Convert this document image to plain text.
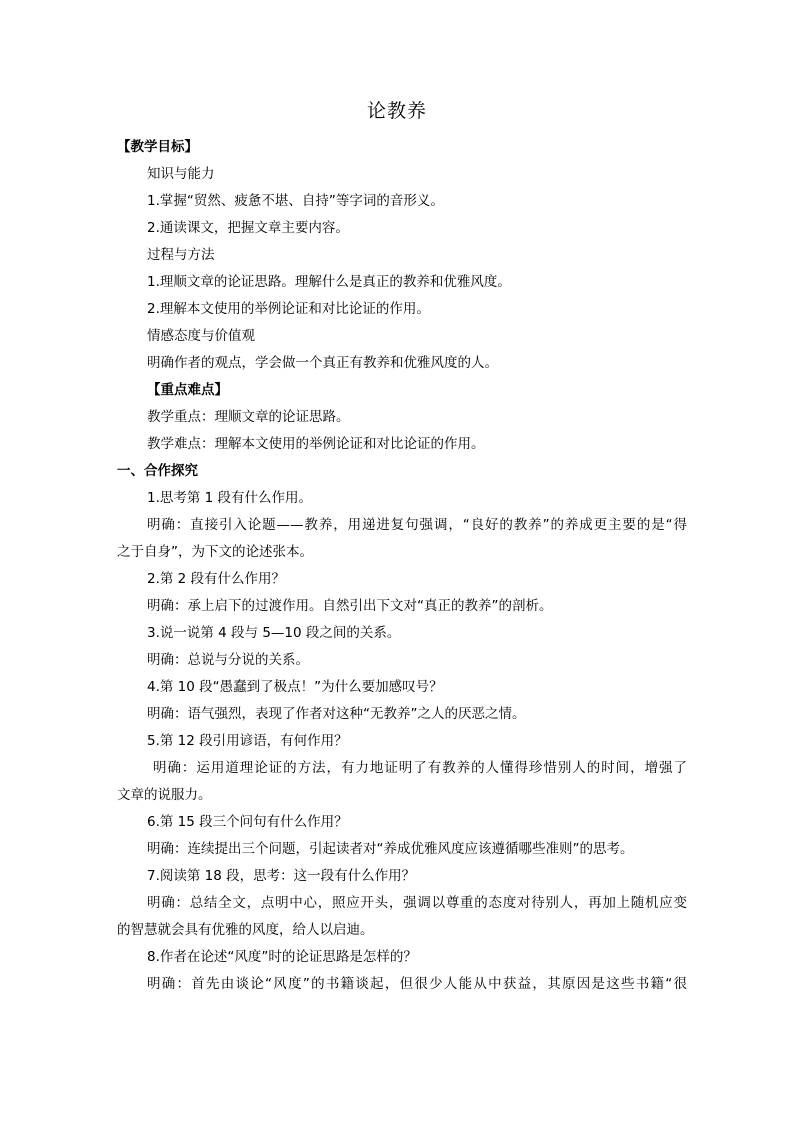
论教养
【教学目标】
知识与能力
1.掌握“贸然、疲惫不堪、自持”等字词的音形义。
2.通读课文，把握文章主要内容。
过程与方法
1.理顺文章的论证思路。理解什么是真正的教养和优雅风度。
2.理解本文使用的举例论证和对比论证的作用。
情感态度与价值观
明确作者的观点，学会做一个真正有教养和优雅风度的人。
【重点难点】
教学重点：理顺文章的论证思路。
教学难点：理解本文使用的举例论证和对比论证的作用。
一、合作探究
1.思考第 1 段有什么作用。
明确：直接引入论题——教养，用递进复句强调，“良好的教养”的养成更主要的是“得
之于自身”，为下文的论述张本。
2.第 2 段有什么作用？
明确：承上启下的过渡作用。自然引出下文对“真正的教养”的剖析。
3.说一说第 4 段与 5—10 段之间的关系。
明确：总说与分说的关系。
4.第 10 段“愚蠢到了极点！”为什么要加感叹号？
明确：语气强烈，表现了作者对这种“无教养”之人的厌恶之情。
5.第 12 段引用谚语，有何作用？
明确：运用道理论证的方法，有力地证明了有教养的人懂得珍惜别人的时间，增强了
文章的说服力。
6.第 15 段三个问句有什么作用？
明确：连续提出三个问题，引起读者对“养成优雅风度应该遵循哪些准则”的思考。
7.阅读第 18 段，思考：这一段有什么作用？
明确：总结全文，点明中心，照应开头，强调以尊重的态度对待别人，再加上随机应变
的智慧就会具有优雅的风度，给人以启迪。
8.作者在论述“风度”时的论证思路是怎样的？
明确：首先由谈论“风度”的书籍谈起，但很少人能从中获益，其原因是这些书籍“很
